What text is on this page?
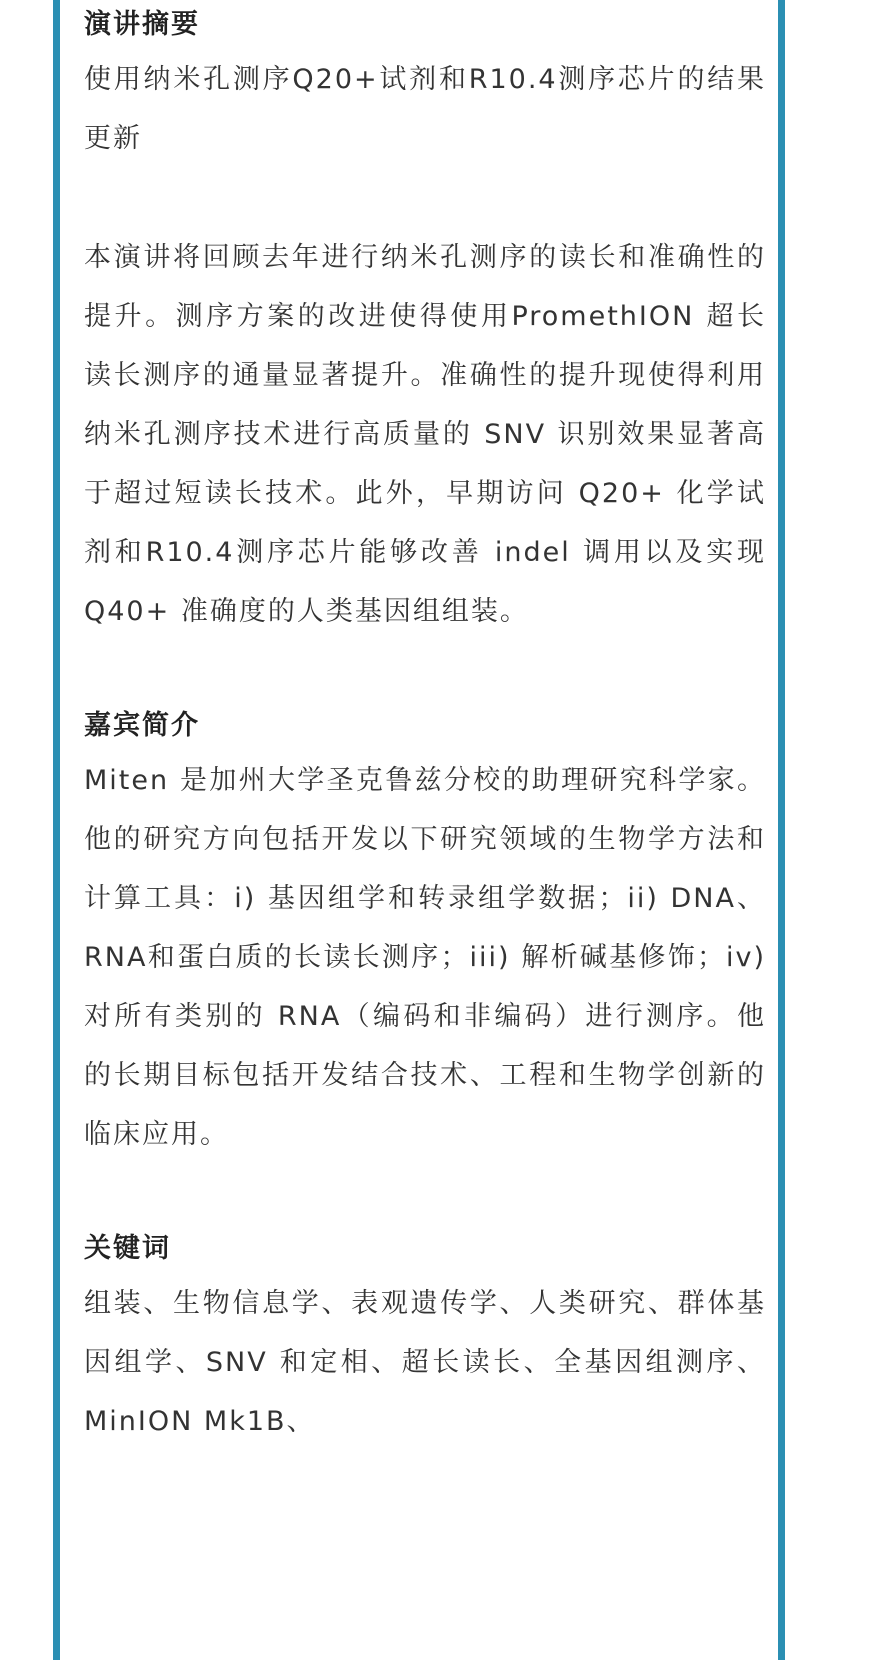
演讲摘要

使用纳米孔测序Q20+试剂和R10.4测序芯片的结果更新

本演讲将回顾去年进行纳米孔测序的读长和准确性的提升。测序方案的改进使得使用PromethION 超长读长测序的通量显著提升。准确性的提升现使得利用纳米孔测序技术进行高质量的 SNV 识别效果显著高于超过短读长技术。此外，早期访问 Q20+ 化学试剂和R10.4测序芯片能够改善 indel 调用以及实现 Q40+ 准确度的人类基因组组装。

嘉宾简介

Miten 是加州大学圣克鲁兹分校的助理研究科学家。他的研究方向包括开发以下研究领域的生物学方法和计算工具：i) 基因组学和转录组学数据；ii) DNA、RNA和蛋白质的长读长测序；iii) 解析碱基修饰；iv) 对所有类别的 RNA（编码和非编码）进行测序。他的长期目标包括开发结合技术、工程和生物学创新的临床应用。

关键词

组装、生物信息学、表观遗传学、人类研究、群体基因组学、SNV 和定相、超长读长、全基因组测序、MinION Mk1B、
